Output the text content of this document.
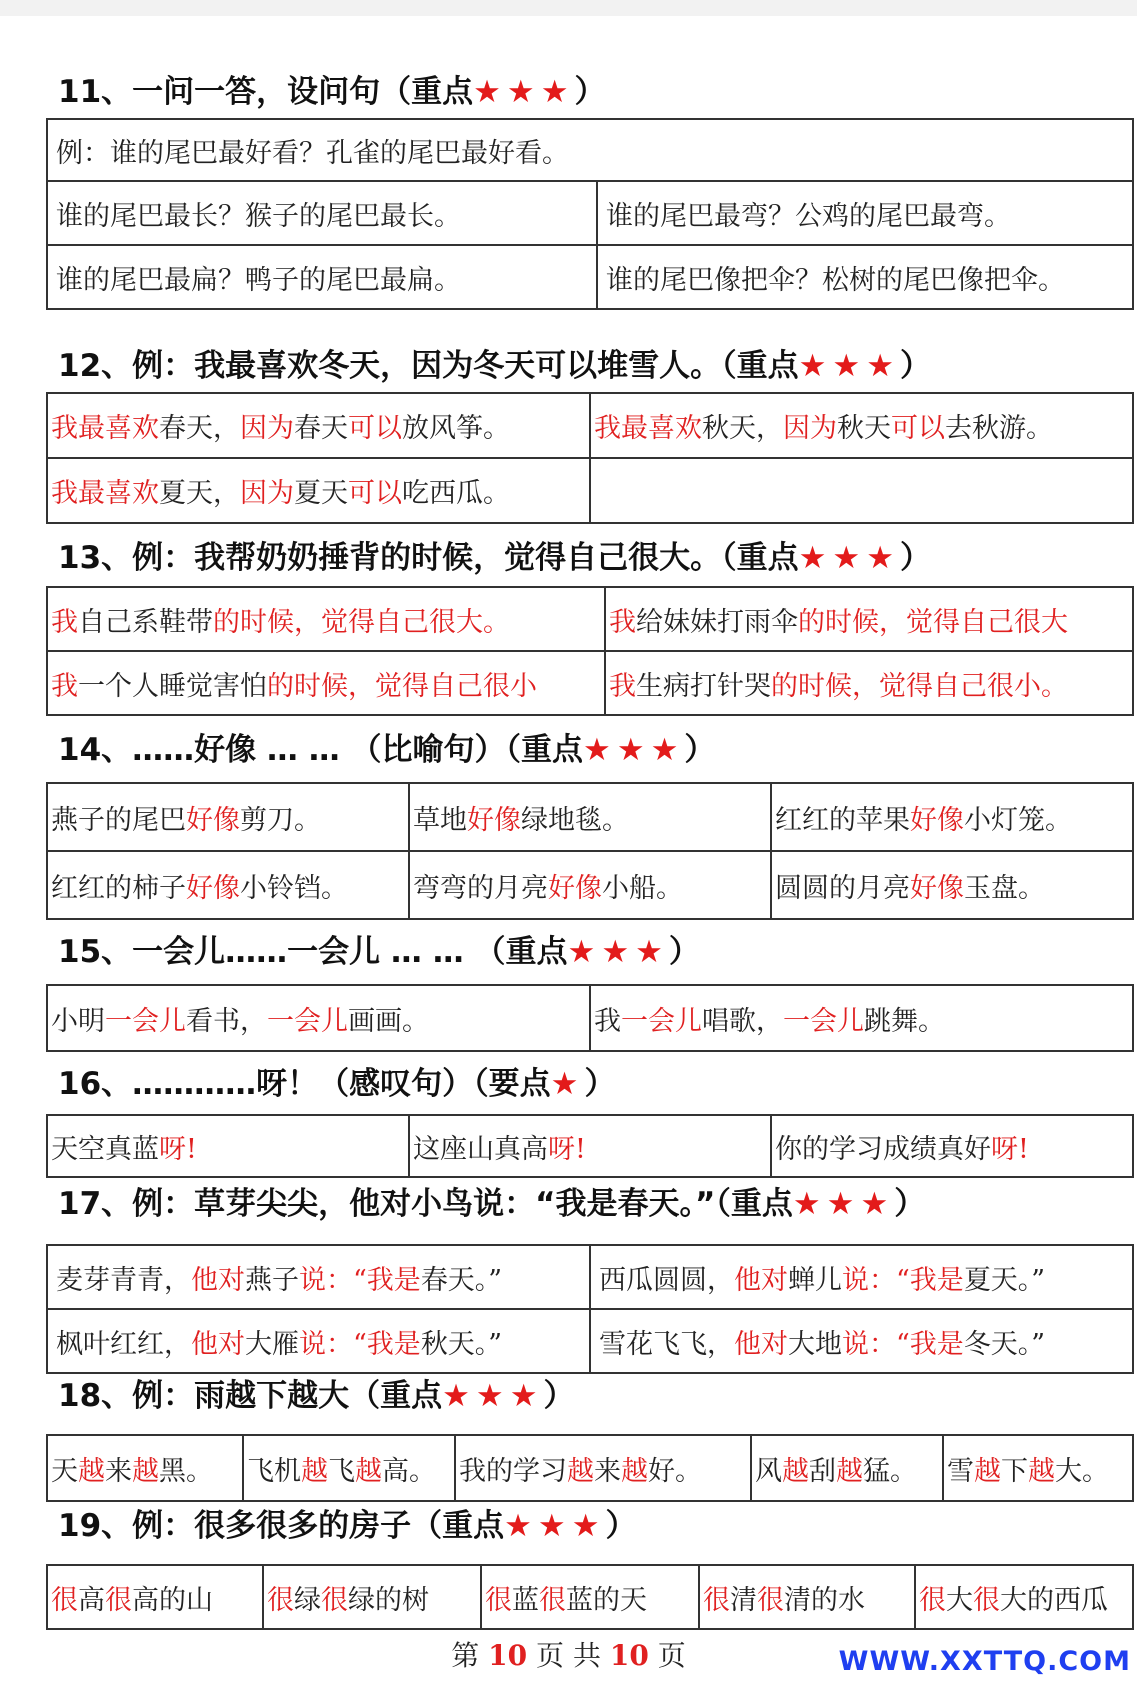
11、一问一答，设问句（重点★★★）
例：谁的尾巴最好看？孔雀的尾巴最好看。	
谁的尾巴最长？猴子的尾巴最长。	谁的尾巴最弯？公鸡的尾巴最弯。
谁的尾巴最扁？鸭子的尾巴最扁。	谁的尾巴像把伞？松树的尾巴像把伞。
12、例：我最喜欢冬天，因为冬天可以堆雪人。（重点★★★）
我最喜欢春天，因为春天可以放风筝。	我最喜欢秋天，因为秋天可以去秋游。
我最喜欢夏天，因为夏天可以吃西瓜。	
13、例：我帮奶奶捶背的时候，觉得自己很大。（重点★★★）
我自己系鞋带的时候，觉得自己很大。	我给妹妹打雨伞的时候，觉得自己很大
我一个人睡觉害怕的时候，觉得自己很小	我生病打针哭的时候，觉得自己很小。
14、……好像 … … （比喻句）（重点★★★）
燕子的尾巴好像剪刀。	草地好像绿地毯。	红红的苹果好像小灯笼。
红红的柿子好像小铃铛。	弯弯的月亮好像小船。	圆圆的月亮好像玉盘。
15、一会儿……一会儿 … … （重点★★★）
小明一会儿看书，一会儿画画。	我一会儿唱歌，一会儿跳舞。
16、…………呀！（感叹句）（要点★）
天空真蓝呀!	这座山真高呀!	你的学习成绩真好呀!
17、例：草芽尖尖，他对小鸟说：“我是春天。”（重点★★★）
麦芽青青，他对燕子说：“我是春天。”	西瓜圆圆，他对蝉儿说：“我是夏天。”
枫叶红红，他对大雁说：“我是秋天。”	雪花飞飞，他对大地说：“我是冬天。”
18、例：雨越下越大（重点★★★）
天越来越黑。	飞机越飞越高。	我的学习越来越好。	风越刮越猛。	雪越下越大。
19、例：很多很多的房子（重点★★★）
很高很高的山	很绿很绿的树	很蓝很蓝的天	很清很清的水	很大很大的西瓜
第 10 页 共 10 页	WWW.XXTTQ.COM
